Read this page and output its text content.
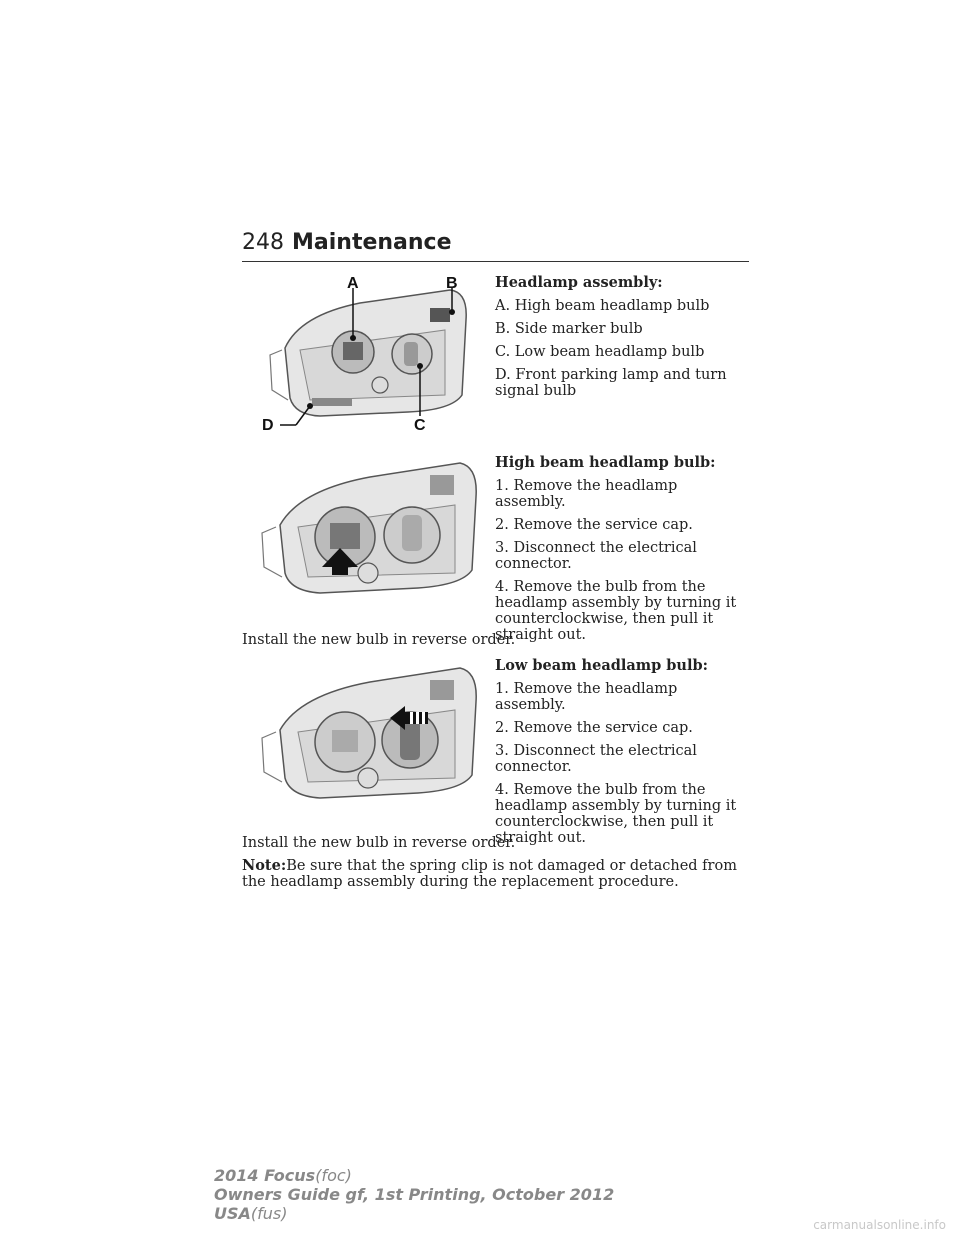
248 Maintenance
A	B
C
D

Headlamp assembly:

A. High beam headlamp bulb

B. Side marker bulb

C. Low beam headlamp bulb

D. Front parking lamp and turn signal bulb

High beam headlamp bulb:

1. Remove the headlamp assembly.

2. Remove the service cap.

3. Disconnect the electrical connector.

4. Remove the bulb from the headlamp assembly by turning it counterclockwise, then pull it straight out.

Install the new bulb in reverse order.

Low beam headlamp bulb:

1. Remove the headlamp assembly.

2. Remove the service cap.

3. Disconnect the electrical connector.

4. Remove the bulb from the headlamp assembly by turning it counterclockwise, then pull it straight out.

Install the new bulb in reverse order.

Note:Be sure that the spring clip is not damaged or detached from the headlamp assembly during the replacement procedure.

2014 Focus(foc)
Owners Guide gf, 1st Printing, October 2012
USA(fus)
carmanualsonline.info
